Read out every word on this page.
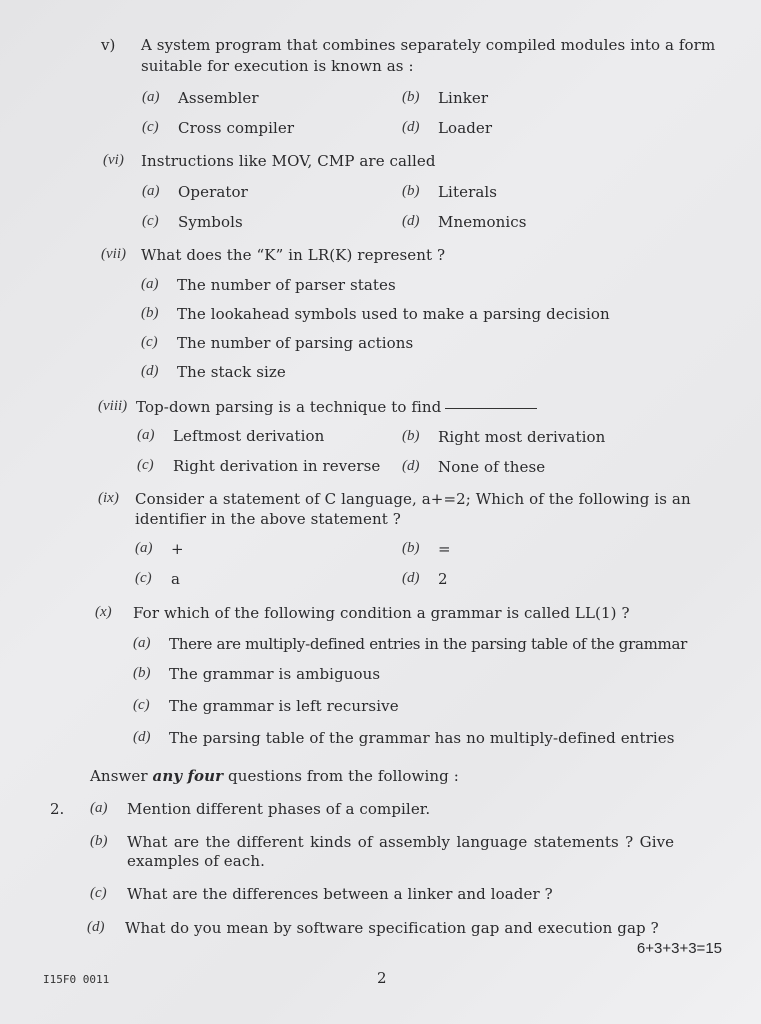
v) A system program that combines separately compiled modules into a form
suitable for execution is known as :
(a) Assembler	(b) Linker
(c) Cross compiler	(d) Loader
(vi) Instructions like MOV, CMP are called
(a) Operator	(b) Literals
(c) Symbols	(d) Mnemonics
(vii) What does the “K” in LR(K) represent ?
(a) The number of parser states
(b) The lookahead symbols used to make a parsing decision
(c) The number of parsing actions
(d) The stack size
(viii) Top-down parsing is a technique to find
(a) Leftmost derivation	(b) Right most derivation
(c) Right derivation in reverse (d) None of these
(ix) Consider a statement of C language, a+=2; Which of the following is an
identifier in the above statement ?
(a) +	(b) =
(c) a	(d) 2
(x) For which of the following condition a grammar is called LL(1) ?
(a) There are multiply-defined entries in the parsing table of the grammar
(b) The grammar is ambiguous
(c) The grammar is left recursive
(d) The parsing table of the grammar has no multiply-defined entries
Answer any four questions from the following :
2. (a) Mention different phases of a compiler.
(b) What are the different kinds of assembly language statements ? Give
examples of each.
(c) What are the differences between a linker and loader ?
(d) What do you mean by software specification gap and execution gap ?
6+3+3+3=15
I15F0 0011	2
